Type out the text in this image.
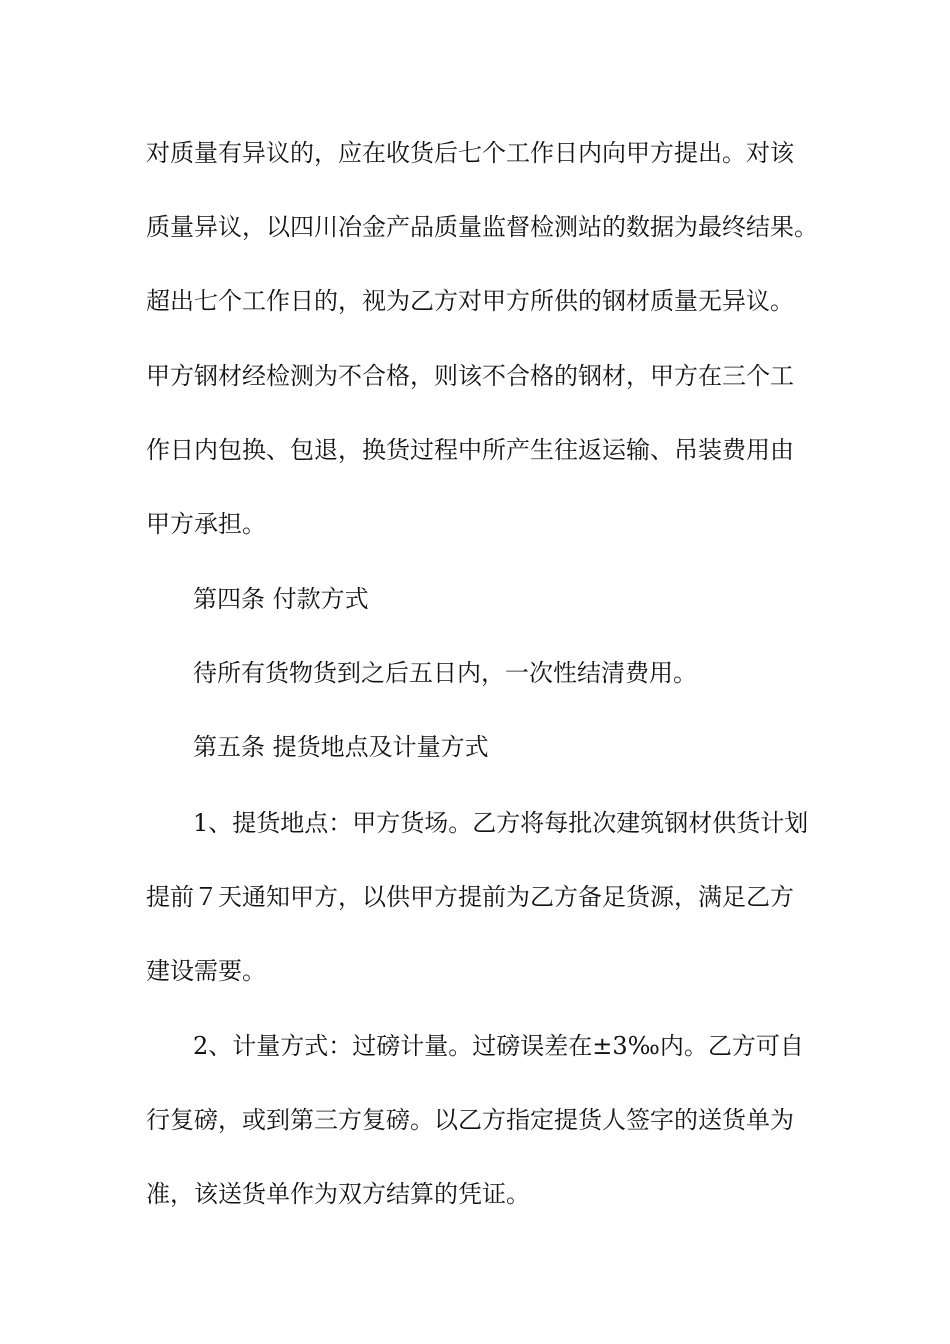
对质量有异议的，应在收货后七个工作日内向甲方提出。对该
质量异议，以四川冶金产品质量监督检测站的数据为最终结果。
超出七个工作日的，视为乙方对甲方所供的钢材质量无异议。
甲方钢材经检测为不合格，则该不合格的钢材，甲方在三个工
作日内包换、包退，换货过程中所产生往返运输、吊装费用由
甲方承担。
第四条 付款方式
待所有货物货到之后五日内，一次性结清费用。
第五条 提货地点及计量方式
1、提货地点：甲方货场。乙方将每批次建筑钢材供货计划
提前７天通知甲方，以供甲方提前为乙方备足货源，满足乙方
建设需要。
2、计量方式：过磅计量。过磅误差在±3‰内。乙方可自
行复磅，或到第三方复磅。以乙方指定提货人签字的送货单为
准，该送货单作为双方结算的凭证。
